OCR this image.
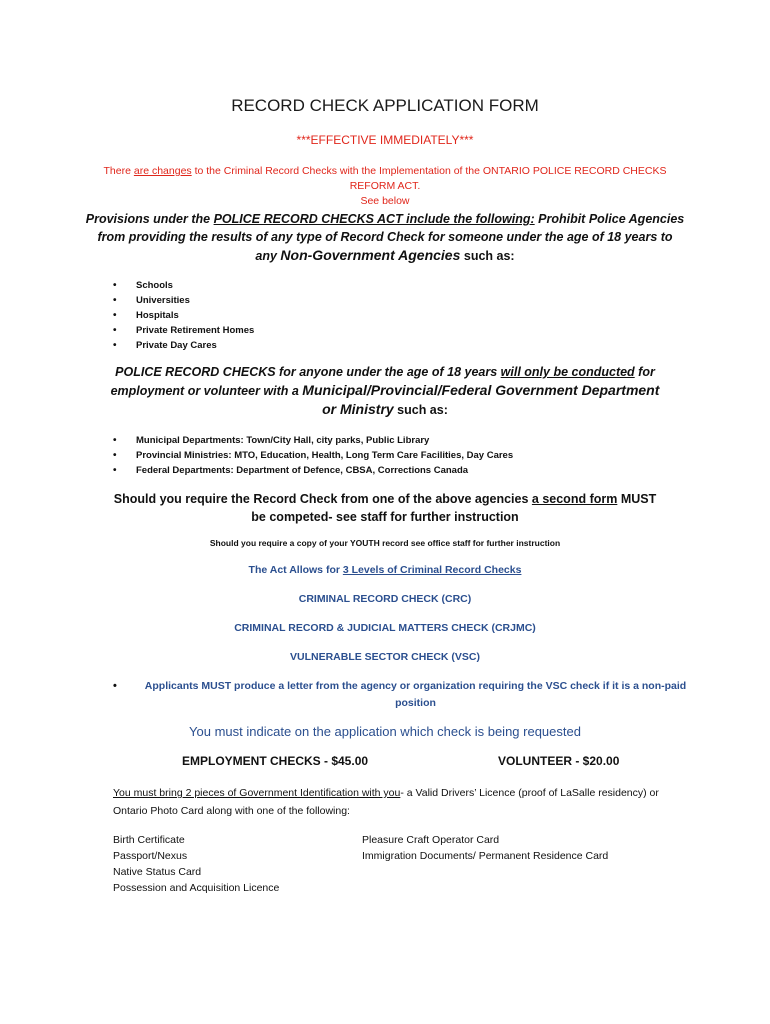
RECORD CHECK APPLICATION FORM
***EFFECTIVE IMMEDIATELY***
There are changes to the Criminal Record Checks with the Implementation of the ONTARIO POLICE RECORD CHECKS REFORM ACT.
See below
Provisions under the POLICE RECORD CHECKS ACT include the following: Prohibit Police Agencies from providing the results of any type of Record Check for someone under the age of 18 years to any Non-Government Agencies such as:
• Schools
• Universities
• Hospitals
• Private Retirement Homes
• Private Day Cares
POLICE RECORD CHECKS for anyone under the age of 18 years will only be conducted for employment or volunteer with a Municipal/Provincial/Federal Government Department or Ministry such as:
• Municipal Departments: Town/City Hall, city parks, Public Library
• Provincial Ministries: MTO, Education, Health, Long Term Care Facilities, Day Cares
• Federal Departments: Department of Defence, CBSA, Corrections Canada
Should you require the Record Check from one of the above agencies a second form MUST be competed- see staff for further instruction
Should you require a copy of your YOUTH record see office staff for further instruction
The Act Allows for 3 Levels of Criminal Record Checks
CRIMINAL RECORD CHECK (CRC)
CRIMINAL RECORD & JUDICIAL MATTERS CHECK (CRJMC)
VULNERABLE SECTOR CHECK (VSC)
•	Applicants MUST produce a letter from the agency or organization requiring the VSC check if it is a non-paid position
You must indicate on the application which check is being requested
EMPLOYMENT CHECKS - $45.00	VOLUNTEER - $20.00
You must bring 2 pieces of Government Identification with you- a Valid Drivers’ Licence (proof of LaSalle residency) or Ontario Photo Card along with one of the following:
Birth Certificate
Passport/Nexus
Native Status Card
Possession and Acquisition Licence
Pleasure Craft Operator Card
Immigration Documents/ Permanent Residence Card
